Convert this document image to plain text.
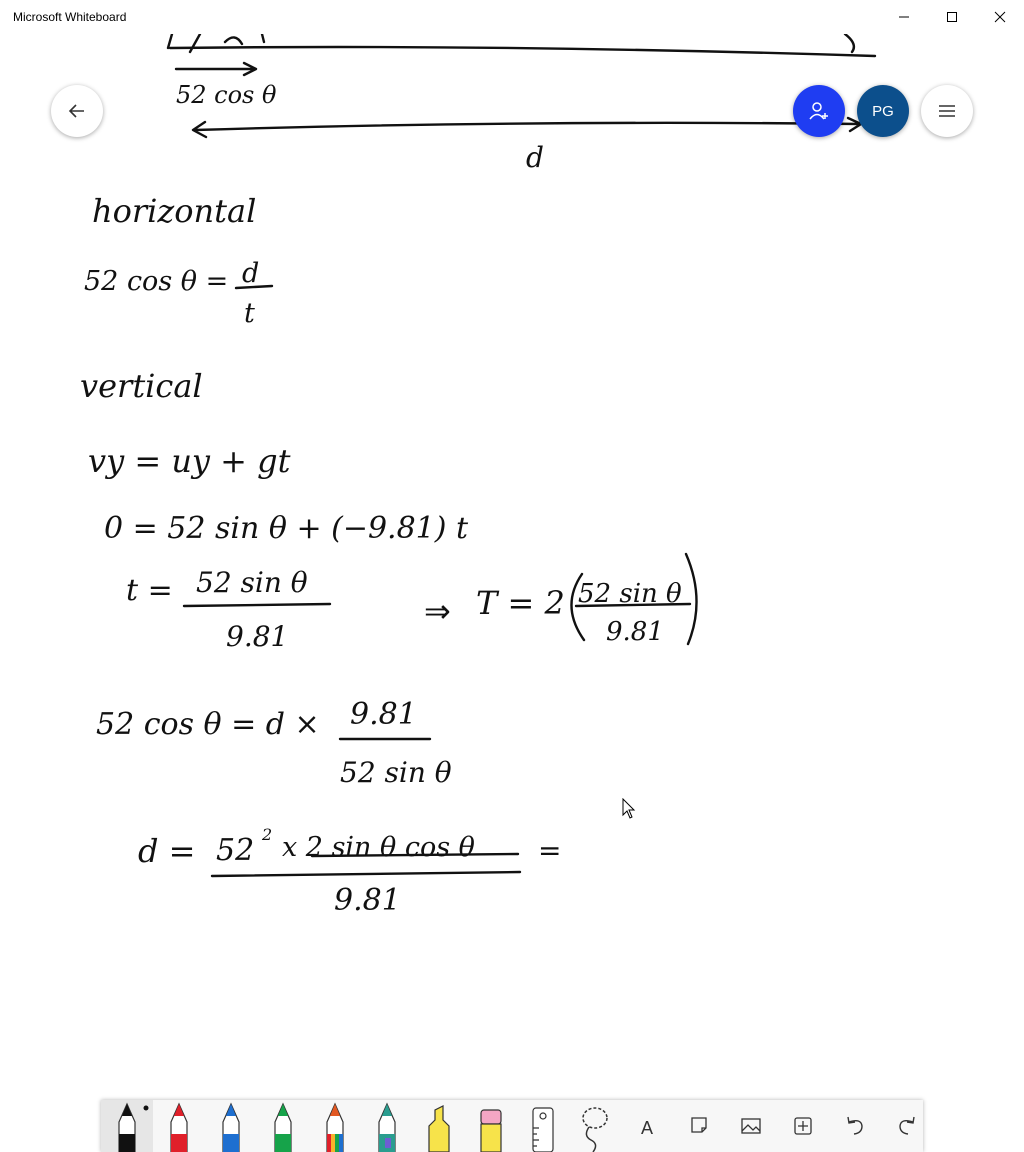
Microsoft Whiteboard
52 cos θ
d
horizontal
52 cos θ = d
t
vertical
vy = uy + gt
0 = 52 sin θ + (−9.81) t
t = 52 sin θ
9.81
⇒ T = 2 52 sin θ
9.81
52 cos θ = d × 9.81
52 sin θ
d = 52 2 x 2 sin θ cos θ
9.81
=
PG
A
